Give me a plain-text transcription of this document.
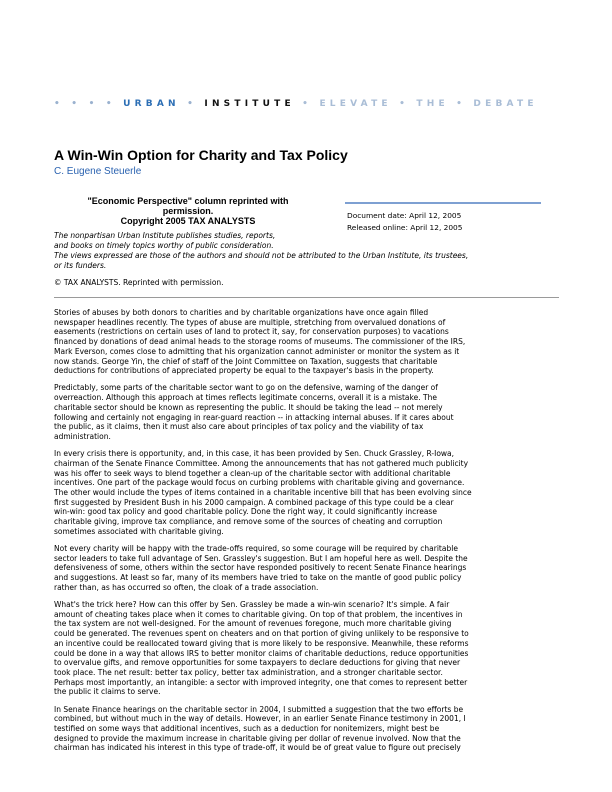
• • • • URBAN • INSTITUTE • ELEVATE • THE • DEBATE
A Win-Win Option for Charity and Tax Policy
C. Eugene Steuerle
"Economic Perspective" column reprinted with
permission.
Copyright 2005 TAX ANALYSTS
Document date: April 12, 2005
Released online: April 12, 2005
The nonpartisan Urban Institute publishes studies, reports,
and books on timely topics worthy of public consideration.
The views expressed are those of the authors and should not be attributed to the Urban Institute, its trustees,
or its funders.
© TAX ANALYSTS. Reprinted with permission.
Stories of abuses by both donors to charities and by charitable organizations have once again filled
newspaper headlines recently. The types of abuse are multiple, stretching from overvalued donations of
easements (restrictions on certain uses of land to protect it, say, for conservation purposes) to vacations
financed by donations of dead animal heads to the storage rooms of museums. The commissioner of the IRS,
Mark Everson, comes close to admitting that his organization cannot administer or monitor the system as it
now stands. George Yin, the chief of staff of the Joint Committee on Taxation, suggests that charitable
deductions for contributions of appreciated property be equal to the taxpayer's basis in the property.
Predictably, some parts of the charitable sector want to go on the defensive, warning of the danger of
overreaction. Although this approach at times reflects legitimate concerns, overall it is a mistake. The
charitable sector should be known as representing the public. It should be taking the lead -- not merely
following and certainly not engaging in rear-guard reaction -- in attacking internal abuses. If it cares about
the public, as it claims, then it must also care about principles of tax policy and the viability of tax
administration.
In every crisis there is opportunity, and, in this case, it has been provided by Sen. Chuck Grassley, R-Iowa,
chairman of the Senate Finance Committee. Among the announcements that has not gathered much publicity
was his offer to seek ways to blend together a clean-up of the charitable sector with additional charitable
incentives. One part of the package would focus on curbing problems with charitable giving and governance.
The other would include the types of items contained in a charitable incentive bill that has been evolving since
first suggested by President Bush in his 2000 campaign. A combined package of this type could be a clear
win-win: good tax policy and good charitable policy. Done the right way, it could significantly increase
charitable giving, improve tax compliance, and remove some of the sources of cheating and corruption
sometimes associated with charitable giving.
Not every charity will be happy with the trade-offs required, so some courage will be required by charitable
sector leaders to take full advantage of Sen. Grassley's suggestion. But I am hopeful here as well. Despite the
defensiveness of some, others within the sector have responded positively to recent Senate Finance hearings
and suggestions. At least so far, many of its members have tried to take on the mantle of good public policy
rather than, as has occurred so often, the cloak of a trade association.
What's the trick here? How can this offer by Sen. Grassley be made a win-win scenario? It's simple. A fair
amount of cheating takes place when it comes to charitable giving. On top of that problem, the incentives in
the tax system are not well-designed. For the amount of revenues foregone, much more charitable giving
could be generated. The revenues spent on cheaters and on that portion of giving unlikely to be responsive to
an incentive could be reallocated toward giving that is more likely to be responsive. Meanwhile, these reforms
could be done in a way that allows IRS to better monitor claims of charitable deductions, reduce opportunities
to overvalue gifts, and remove opportunities for some taxpayers to declare deductions for giving that never
took place. The net result: better tax policy, better tax administration, and a stronger charitable sector.
Perhaps most importantly, an intangible: a sector with improved integrity, one that comes to represent better
the public it claims to serve.
In Senate Finance hearings on the charitable sector in 2004, I submitted a suggestion that the two efforts be
combined, but without much in the way of details. However, in an earlier Senate Finance testimony in 2001, I
testified on some ways that additional incentives, such as a deduction for nonitemizers, might best be
designed to provide the maximum increase in charitable giving per dollar of revenue involved. Now that the
chairman has indicated his interest in this type of trade-off, it would be of great value to figure out precisely
